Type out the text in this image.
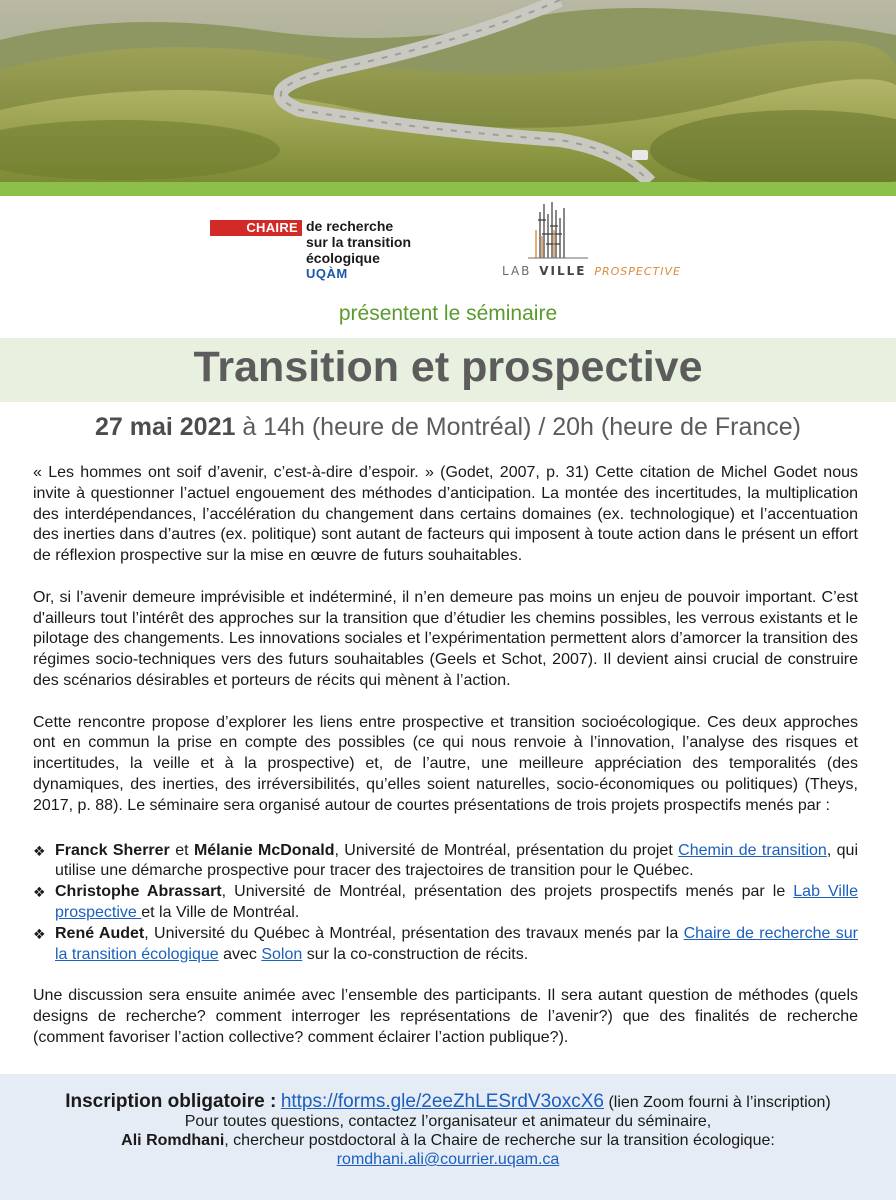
CHAIRE de recherche
sur la transition
écologique
UQÀM	LAB VILLE PROSPECTIVE
présentent le séminaire
Transition et prospective
27 mai 2021 à 14h (heure de Montréal) / 20h (heure de France)

« Les hommes ont soif d’avenir, c’est-à-dire d’espoir. » (Godet, 2007, p. 31) Cette citation de Michel Godet nous invite à questionner l’actuel engouement des méthodes d’anticipation. La montée des incertitudes, la multiplication des interdépendances, l’accélération du changement dans certains domaines (ex. technologique) et l’accentuation des inerties dans d’autres (ex. politique) sont autant de facteurs qui imposent à toute action dans le présent un effort de réflexion prospective sur la mise en œuvre de futurs souhaitables.

Or, si l’avenir demeure imprévisible et indéterminé, il n’en demeure pas moins un enjeu de pouvoir important. C’est d'ailleurs tout l’intérêt des approches sur la transition que d’étudier les chemins possibles, les verrous existants et le pilotage des changements. Les innovations sociales et l’expérimentation permettent alors d’amorcer la transition des régimes socio-techniques vers des futurs souhaitables (Geels et Schot, 2007). Il devient ainsi crucial de construire des scénarios désirables et porteurs de récits qui mènent à l’action.

Cette rencontre propose d’explorer les liens entre prospective et transition socioécologique. Ces deux approches ont en commun la prise en compte des possibles (ce qui nous renvoie à l’innovation, l’analyse des risques et incertitudes, la veille et à la prospective) et, de l’autre, une meilleure appréciation des temporalités (des dynamiques, des inerties, des irréversibilités, qu’elles soient naturelles, socio-économiques ou politiques) (Theys, 2017, p. 88). Le séminaire sera organisé autour de courtes présentations de trois projets prospectifs menés par :

❖ Franck Sherrer et Mélanie McDonald, Université de Montréal, présentation du projet Chemin de transition, qui utilise une démarche prospective pour tracer des trajectoires de transition pour le Québec.
❖ Christophe Abrassart, Université de Montréal, présentation des projets prospectifs menés par le Lab Ville prospective et la Ville de Montréal.
❖ René Audet, Université du Québec à Montréal, présentation des travaux menés par la Chaire de recherche sur la transition écologique avec Solon sur la co-construction de récits.

Une discussion sera ensuite animée avec l’ensemble des participants. Il sera autant question de méthodes (quels designs de recherche? comment interroger les représentations de l’avenir?) que des finalités de recherche (comment favoriser l’action collective? comment éclairer l’action publique?).

Inscription obligatoire : https://forms.gle/2eeZhLESrdV3oxcX6 (lien Zoom fourni à l’inscription)
Pour toutes questions, contactez l’organisateur et animateur du séminaire,
Ali Romdhani, chercheur postdoctoral à la Chaire de recherche sur la transition écologique:
romdhani.ali@courrier.uqam.ca
